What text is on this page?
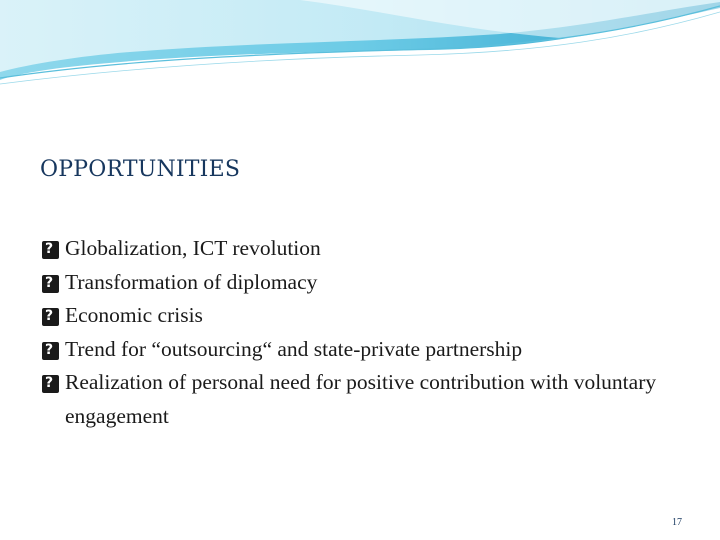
OPPORTUNITIES
?
Globalization, ICT revolution
?
Transformation of diplomacy
?
Economic crisis
?
Trend for “outsourcing“ and state-private partnership
?
Realization of personal need for positive contribution with voluntary engagement
17
